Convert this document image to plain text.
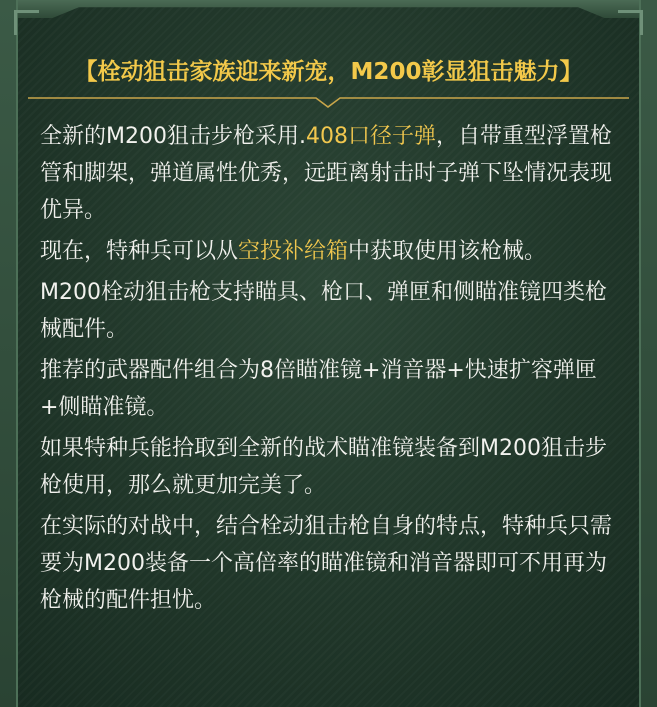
【栓动狙击家族迎来新宠，M200彰显狙击魅力】

全新的M200狙击步枪采用.408口径子弹，自带重型浮置枪管和脚架，弹道属性优秀，远距离射击时子弹下坠情况表现优异。

现在，特种兵可以从空投补给箱中获取使用该枪械。

M200栓动狙击枪支持瞄具、枪口、弹匣和侧瞄准镜四类枪械配件。

推荐的武器配件组合为8倍瞄准镜+消音器+快速扩容弹匣+侧瞄准镜。

如果特种兵能拾取到全新的战术瞄准镜装备到M200狙击步枪使用，那么就更加完美了。

在实际的对战中，结合栓动狙击枪自身的特点，特种兵只需要为M200装备一个高倍率的瞄准镜和消音器即可不用再为枪械的配件担忧。
